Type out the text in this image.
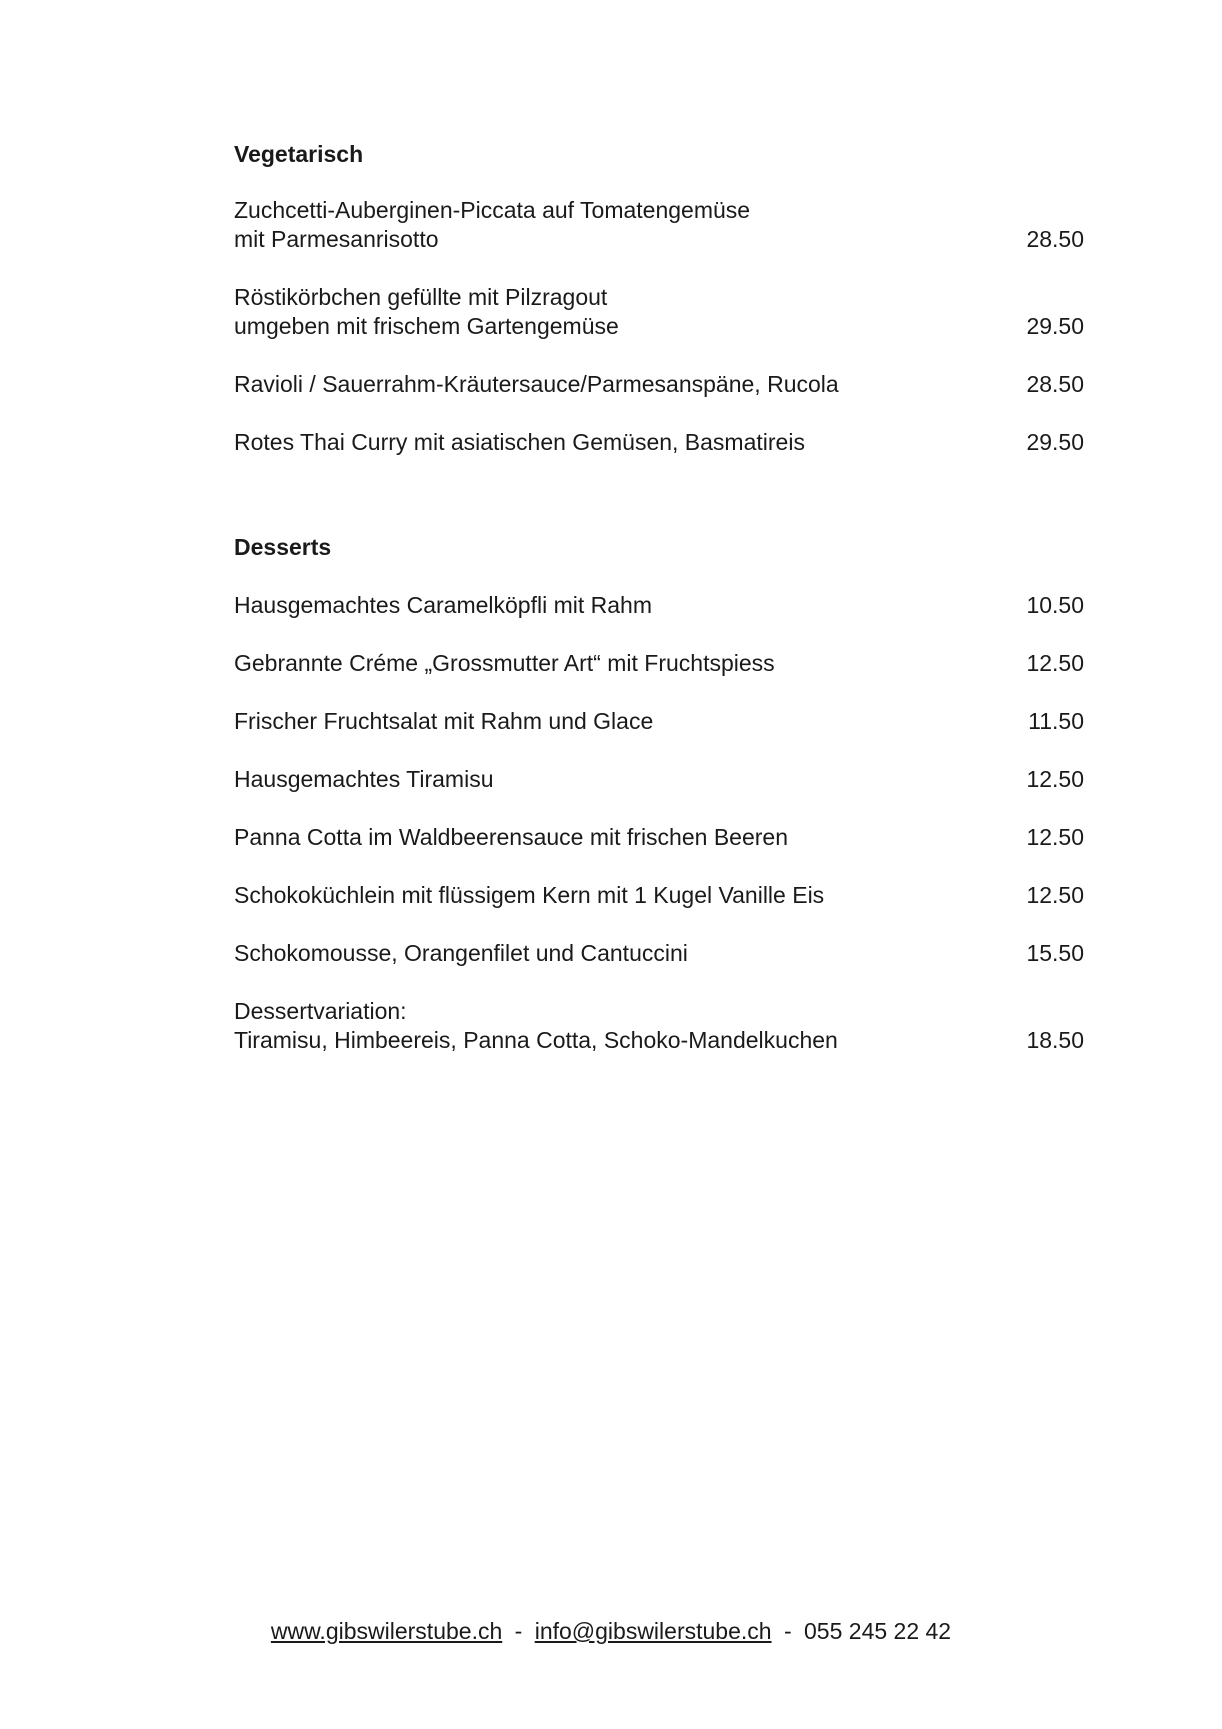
Vegetarisch
Zuchcetti-Auberginen-Piccata auf Tomatengemüse
mit Parmesanrisotto	28.50
Röstikörbchen gefüllte mit Pilzragout
umgeben mit frischem Gartengemüse	29.50
Ravioli / Sauerrahm-Kräutersauce/Parmesanspäne, Rucola	28.50
Rotes Thai Curry mit asiatischen Gemüsen, Basmatireis	29.50
Desserts
Hausgemachtes Caramelköpfli mit Rahm	10.50
Gebrannte Créme „Grossmutter Art“ mit Fruchtspiess	12.50
Frischer Fruchtsalat mit Rahm und Glace	11.50
Hausgemachtes Tiramisu	12.50
Panna Cotta im Waldbeerensauce mit frischen Beeren	12.50
Schokoküchlein mit flüssigem Kern mit 1 Kugel Vanille Eis	12.50
Schokomousse, Orangenfilet und Cantuccini	15.50
Dessertvariation:
Tiramisu, Himbeereis, Panna Cotta, Schoko-Mandelkuchen	18.50
www.gibswilerstube.ch - info@gibswilerstube.ch - 055 245 22 42
